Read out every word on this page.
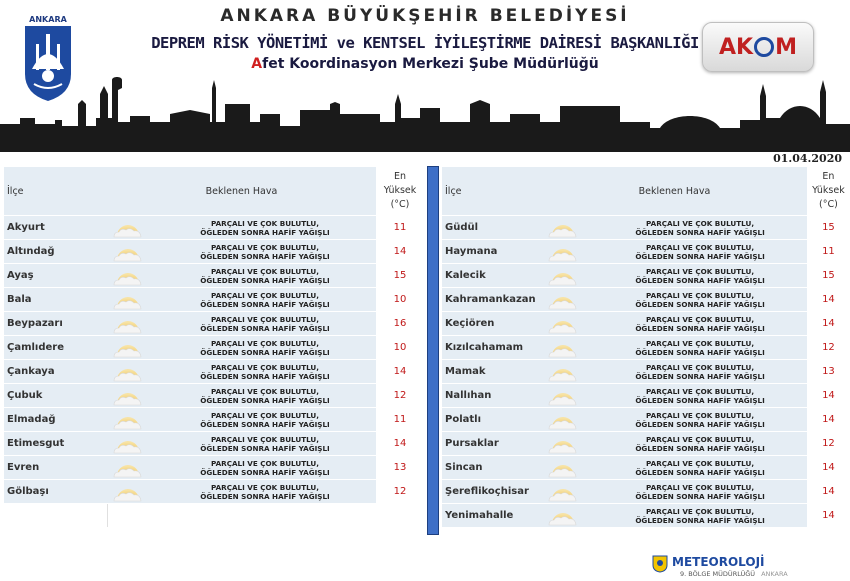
ANKARA	ANKARA BÜYÜKŞEHİR BELEDİYESİ
DEPREM RİSK YÖNETİMİ ve KENTSEL İYİLEŞTİRME DAİRESİ BAŞKANLIĞI
Afet Koordinasyon Merkezi Şube Müdürlüğü
AK M
01.04.2020
İlçe	Beklenen Hava	En
Yüksek
(°C)

Akyurt	PARÇALI VE ÇOK BULUTLU,
ÖĞLEDEN SONRA HAFİF YAĞIŞLI	11
Altındağ	PARÇALI VE ÇOK BULUTLU,
ÖĞLEDEN SONRA HAFİF YAĞIŞLI	14
Ayaş	PARÇALI VE ÇOK BULUTLU,
ÖĞLEDEN SONRA HAFİF YAĞIŞLI	15
Bala	PARÇALI VE ÇOK BULUTLU,
ÖĞLEDEN SONRA HAFİF YAĞIŞLI	10
Beypazarı	PARÇALI VE ÇOK BULUTLU,
ÖĞLEDEN SONRA HAFİF YAĞIŞLI	16
Çamlıdere	PARÇALI VE ÇOK BULUTLU,
ÖĞLEDEN SONRA HAFİF YAĞIŞLI	10
Çankaya	PARÇALI VE ÇOK BULUTLU,
ÖĞLEDEN SONRA HAFİF YAĞIŞLI	14
Çubuk	PARÇALI VE ÇOK BULUTLU,
ÖĞLEDEN SONRA HAFİF YAĞIŞLI	12
Elmadağ	PARÇALI VE ÇOK BULUTLU,
ÖĞLEDEN SONRA HAFİF YAĞIŞLI	11
Etimesgut	PARÇALI VE ÇOK BULUTLU,
ÖĞLEDEN SONRA HAFİF YAĞIŞLI	14
Evren	PARÇALI VE ÇOK BULUTLU,
ÖĞLEDEN SONRA HAFİF YAĞIŞLI	13
Gölbaşı	PARÇALI VE ÇOK BULUTLU,
ÖĞLEDEN SONRA HAFİF YAĞIŞLI	12

İlçe	Beklenen Hava	En
Yüksek
(°C)

Güdül	PARÇALI VE ÇOK BULUTLU,
ÖĞLEDEN SONRA HAFİF YAĞIŞLI	15
Haymana	PARÇALI VE ÇOK BULUTLU,
ÖĞLEDEN SONRA HAFİF YAĞIŞLI	11
Kalecik	PARÇALI VE ÇOK BULUTLU,
ÖĞLEDEN SONRA HAFİF YAĞIŞLI	15
Kahramankazan	PARÇALI VE ÇOK BULUTLU,
ÖĞLEDEN SONRA HAFİF YAĞIŞLI	14
Keçiören	PARÇALI VE ÇOK BULUTLU,
ÖĞLEDEN SONRA HAFİF YAĞIŞLI	14
Kızılcahamam	PARÇALI VE ÇOK BULUTLU,
ÖĞLEDEN SONRA HAFİF YAĞIŞLI	12
Mamak	PARÇALI VE ÇOK BULUTLU,
ÖĞLEDEN SONRA HAFİF YAĞIŞLI	13
Nallıhan	PARÇALI VE ÇOK BULUTLU,
ÖĞLEDEN SONRA HAFİF YAĞIŞLI	14
Polatlı	PARÇALI VE ÇOK BULUTLU,
ÖĞLEDEN SONRA HAFİF YAĞIŞLI	14
Pursaklar	PARÇALI VE ÇOK BULUTLU,
ÖĞLEDEN SONRA HAFİF YAĞIŞLI	12
Sincan	PARÇALI VE ÇOK BULUTLU,
ÖĞLEDEN SONRA HAFİF YAĞIŞLI	14
Şereflikoçhisar	PARÇALI VE ÇOK BULUTLU,
ÖĞLEDEN SONRA HAFİF YAĞIŞLI	14
Yenimahalle	PARÇALI VE ÇOK BULUTLU,
ÖĞLEDEN SONRA HAFİF YAĞIŞLI	14
METEOROLOJİ
9. BÖLGE MÜDÜRLÜĞÜ ANKARA
